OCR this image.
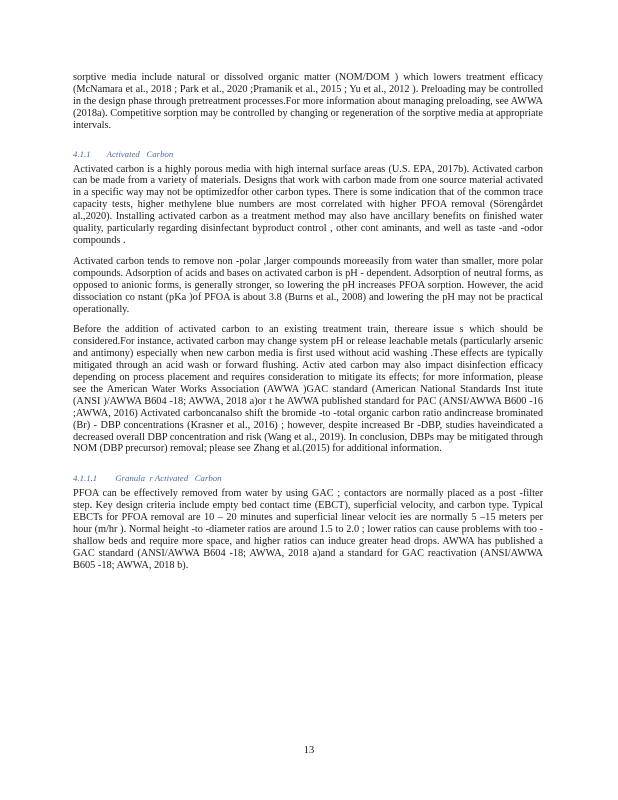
sorptive media include natural or dissolved organic matter (NOM/DOM ) which lowers treatment efficacy (McNamara et al., 2018 ; Park et al., 2020 ;Pramanik et al., 2015 ; Yu et al., 2012 ). Preloading may be controlled in the design phase through pretreatment processes.For more information about managing preloading, see AWWA (2018a). Competitive sorption may be controlled by changing or regeneration of the sorptive media at appropriate intervals.

4.1.1 Activated   Carbon

Activated carbon is a highly porous media with high internal surface areas (U.S. EPA, 2017b). Activated carbon can be made from a variety of materials. Designs that work with carbon made from one source material activated in a specific way may not be optimizedfor other carbon types. There is some indication that of the common trace capacity tests, higher methylene blue numbers are most correlated with higher PFOA removal (Sörengårdet al.,2020). Installing activated carbon as a treatment method may also have ancillary benefits on finished water quality, particularly regarding disinfectant byproduct control , other cont aminants, and well as taste -and -odor compounds .

Activated carbon tends to remove non -polar ,larger compounds moreeasily from water than smaller, more polar compounds. Adsorption of acids and bases on activated carbon is pH - dependent. Adsorption of neutral forms, as opposed to anionic forms, is generally stronger, so lowering the pH increases PFOA sorption. However, the acid dissociation co nstant (pKa )of PFOA is about 3.8 (Burns et al., 2008) and lowering the pH may not be practical operationally.

Before the addition of activated carbon to an existing treatment train, thereare issue s which should be considered.For instance, activated carbon may change system pH or release leachable metals (particularly arsenic and antimony) especially when new carbon media is first used without acid washing .These effects are typically mitigated through an acid wash or forward flushing. Activ ated carbon may also impact disinfection efficacy depending on process placement and requires consideration to mitigate its effects; for more information, please see the American Water Works Association (AWWA )GAC standard (American National Standards Inst itute (ANSI )/AWWA B604 -18; AWWA, 2018 a)or t he AWWA published standard for PAC (ANSI/AWWA B600 -16 ;AWWA, 2016) Activated carboncanalso shift the bromide -to -total organic carbon ratio andincrease brominated (Br) - DBP concentrations (Krasner et al., 2016) ; however, despite increased Br -DBP, studies haveindicated a decreased overall DBP concentration and risk (Wang et al., 2019). In conclusion, DBPs may be mitigated through NOM (DBP precursor) removal; please see Zhang et al.(2015) for additional information.

4.1.1.1 Granula  r Activated   Carbon

PFOA can be effectively removed from water by using GAC ; contactors are normally placed as a post -filter step. Key design criteria include empty bed contact time (EBCT), superficial velocity, and carbon type. Typical EBCTs for PFOA removal are 10 – 20 minutes and superficial linear velocit ies are normally 5 –15 meters per hour (m/hr ). Normal height -to -diameter ratios are around 1.5 to 2.0 ; lower ratios can cause problems with too - shallow beds and require more space, and higher ratios can induce greater head drops. AWWA has published a GAC standard (ANSI/AWWA B604 -18; AWWA, 2018 a)and a standard for GAC reactivation (ANSI/AWWA B605 -18; AWWA, 2018 b).

13
